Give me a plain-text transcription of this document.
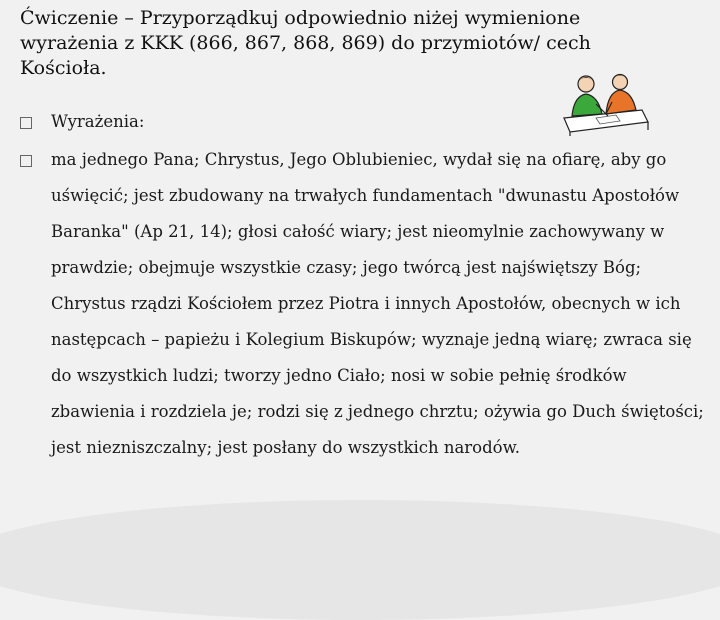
Ćwiczenie – Przyporządkuj odpowiednio niżej wymienione wyrażenia z KKK (866, 867, 868, 869) do przymiotów/ cech Kościoła.
Wyrażenia:
ma jednego Pana; Chrystus, Jego Oblubieniec, wydał się na ofiarę, aby go uświęcić; jest zbudowany na trwałych fundamentach "dwunastu Apostołów Baranka" (Ap 21, 14); głosi całość wiary; jest nieomylnie zachowywany w prawdzie; obejmuje wszystkie czasy; jego twórcą jest najświętszy Bóg; Chrystus rządzi Kościołem przez Piotra i innych Apostołów, obecnych w ich następcach – papieżu i Kolegium Biskupów; wyznaje jedną wiarę; zwraca się do wszystkich ludzi; tworzy jedno Ciało; nosi w sobie pełnię środków zbawienia i rozdziela je; rodzi się z jednego chrztu; ożywia go Duch świętości; jest niezniszczalny; jest posłany do wszystkich narodów.
